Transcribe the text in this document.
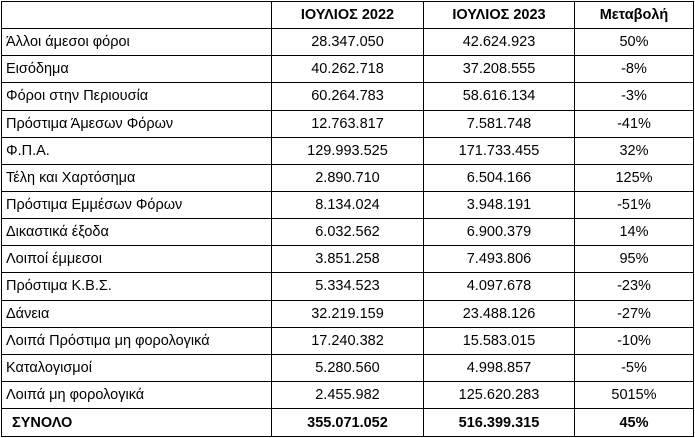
	ΙΟΥΛΙΟΣ 2022	ΙΟΥΛΙΟΣ 2023	Μεταβολή
Άλλοι άμεσοι φόροι	28.347.050	42.624.923	50%
Εισόδημα	40.262.718	37.208.555	-8%
Φόροι στην Περιουσία	60.264.783	58.616.134	-3%
Πρόστιμα Άμεσων Φόρων	12.763.817	7.581.748	-41%
Φ.Π.Α.	129.993.525	171.733.455	32%
Τέλη και Χαρτόσημα	2.890.710	6.504.166	125%
Πρόστιμα Εμμέσων Φόρων	8.134.024	3.948.191	-51%
Δικαστικά έξοδα	6.032.562	6.900.379	14%
Λοιποί έμμεσοι	3.851.258	7.493.806	95%
Πρόστιμα Κ.Β.Σ.	5.334.523	4.097.678	-23%
Δάνεια	32.219.159	23.488.126	-27%
Λοιπά Πρόστιμα μη φορολογικά	17.240.382	15.583.015	-10%
Καταλογισμοί	5.280.560	4.998.857	-5%
Λοιπά μη φορολογικά	2.455.982	125.620.283	5015%
ΣΥΝΟΛΟ	355.071.052	516.399.315	45%
